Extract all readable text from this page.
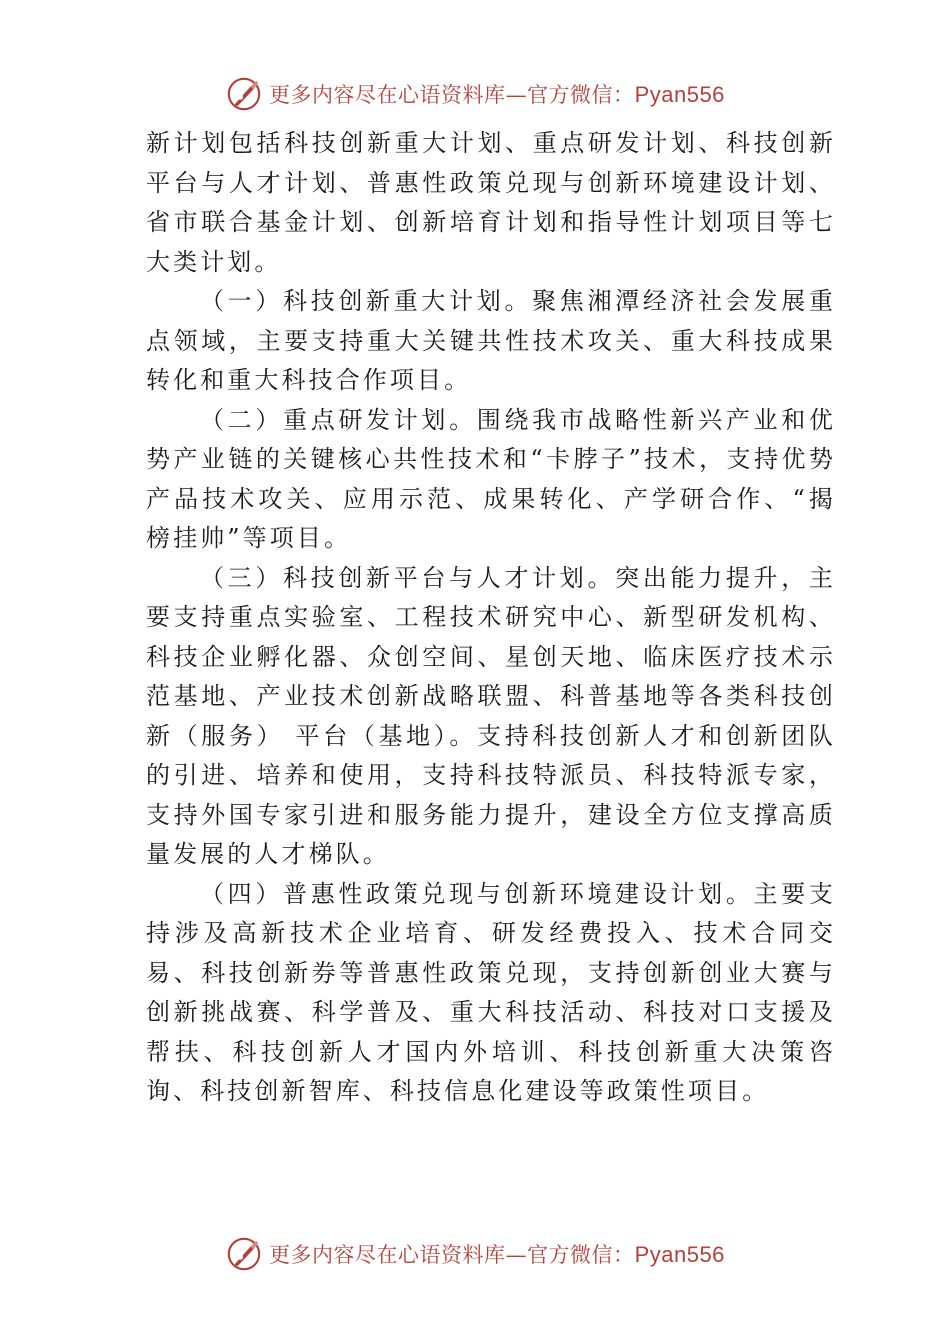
更多内容尽在心语资料库—官方微信：Pyan556

新计划包括科技创新重大计划、重点研发计划、科技创新平台与人才计划、普惠性政策兑现与创新环境建设计划、省市联合基金计划、创新培育计划和指导性计划项目等七大类计划。

（一）科技创新重大计划。聚焦湘潭经济社会发展重点领域，主要支持重大关键共性技术攻关、重大科技成果转化和重大科技合作项目。

（二）重点研发计划。围绕我市战略性新兴产业和优势产业链的关键核心共性技术和“卡脖子”技术，支持优势产品技术攻关、应用示范、成果转化、产学研合作、“揭榜挂帅”等项目。

（三）科技创新平台与人才计划。突出能力提升，主要支持重点实验室、工程技术研究中心、新型研发机构、科技企业孵化器、众创空间、星创天地、临床医疗技术示范基地、产业技术创新战略联盟、科普基地等各类科技创新（服务） 平台（基地）。支持科技创新人才和创新团队的引进、培养和使用，支持科技特派员、科技特派专家，支持外国专家引进和服务能力提升，建设全方位支撑高质量发展的人才梯队。

（四）普惠性政策兑现与创新环境建设计划。主要支持涉及高新技术企业培育、研发经费投入、技术合同交易、科技创新券等普惠性政策兑现，支持创新创业大赛与创新挑战赛、科学普及、重大科技活动、科技对口支援及帮扶、科技创新人才国内外培训、科技创新重大决策咨询、科技创新智库、科技信息化建设等政策性项目。

更多内容尽在心语资料库—官方微信：Pyan556
